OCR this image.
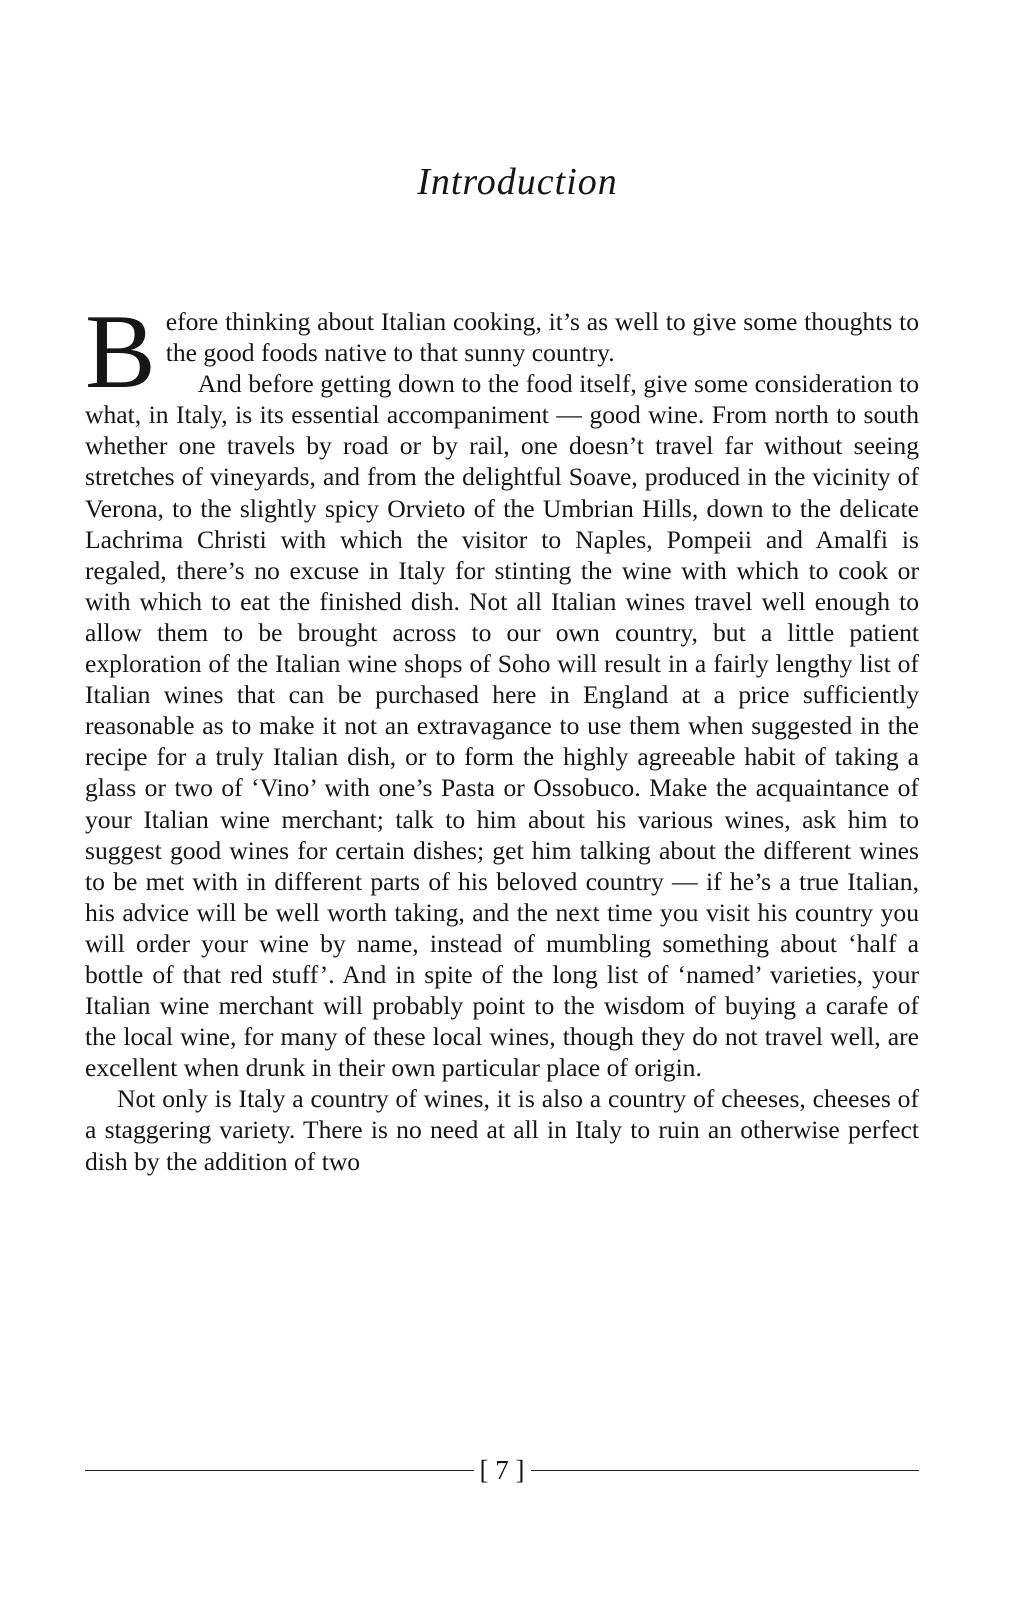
Introduction

Before thinking about Italian cooking, it’s as well to give some thoughts to the good foods native to that sunny country.

And before getting down to the food itself, give some consideration to what, in Italy, is its essential accompaniment — good wine. From north to south whether one travels by road or by rail, one doesn’t travel far without seeing stretches of vineyards, and from the delightful Soave, produced in the vicinity of Verona, to the slightly spicy Orvieto of the Umbrian Hills, down to the delicate Lachrima Christi with which the visitor to Naples, Pompeii and Amalfi is regaled, there’s no excuse in Italy for stinting the wine with which to cook or with which to eat the finished dish. Not all Italian wines travel well enough to allow them to be brought across to our own country, but a little patient exploration of the Italian wine shops of Soho will result in a fairly lengthy list of Italian wines that can be purchased here in England at a price sufficiently reasonable as to make it not an extravagance to use them when suggested in the recipe for a truly Italian dish, or to form the highly agreeable habit of taking a glass or two of ‘Vino’ with one’s Pasta or Ossobuco. Make the acquaintance of your Italian wine merchant; talk to him about his various wines, ask him to suggest good wines for certain dishes; get him talking about the different wines to be met with in different parts of his beloved country — if he’s a true Italian, his advice will be well worth taking, and the next time you visit his country you will order your wine by name, instead of mumbling something about ‘half a bottle of that red stuff’. And in spite of the long list of ‘named’ varieties, your Italian wine merchant will probably point to the wisdom of buying a carafe of the local wine, for many of these local wines, though they do not travel well, are excellent when drunk in their own particular place of origin.

Not only is Italy a country of wines, it is also a country of cheeses, cheeses of a staggering variety. There is no need at all in Italy to ruin an otherwise perfect dish by the addition of two

[ 7 ]
